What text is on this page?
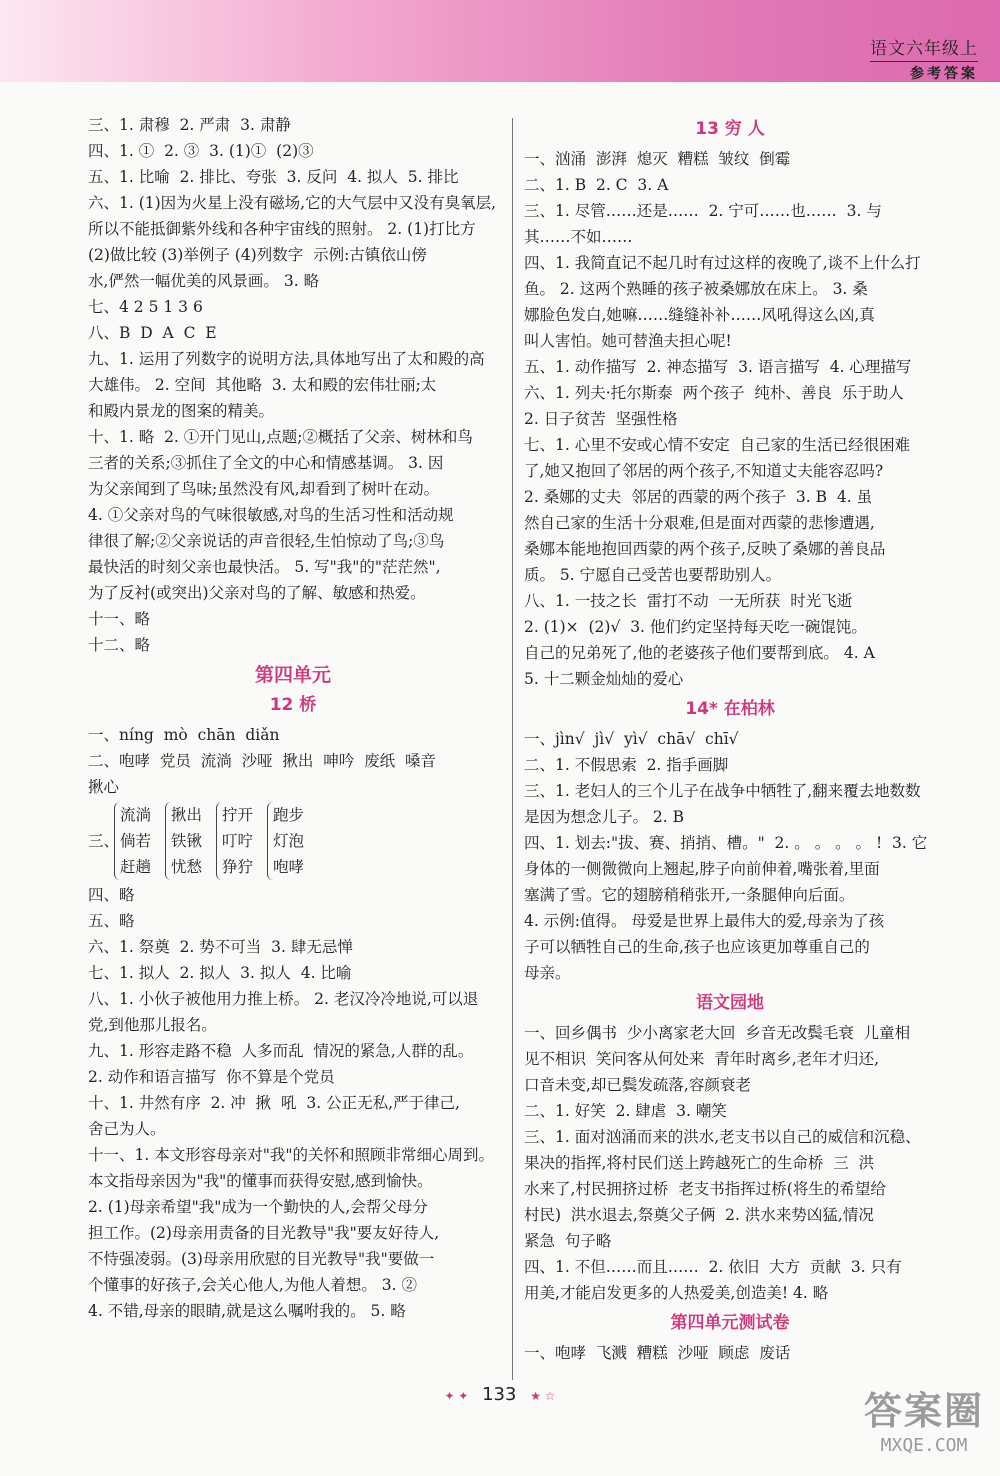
语文六年级上
参考答案

三、1. 肃穆  2. 严肃  3. 肃静

四、1. ①  2. ③  3. (1)①  (2)③

五、1. 比喻  2. 排比、夸张  3. 反问  4. 拟人  5. 排比

六、1. (1)因为火星上没有磁场,它的大气层中又没有臭氧层,
所以不能抵御紫外线和各种宇宙线的照射。 2. (1)打比方
(2)做比较 (3)举例子 (4)列数字  示例:古镇依山傍
水,俨然一幅优美的风景画。 3. 略

七、4 2 5 1 3 6

八、B  D  A  C  E

九、1. 运用了列数字的说明方法,具体地写出了太和殿的高
大雄伟。 2. 空间  其他略  3. 太和殿的宏伟壮丽;太
和殿内景龙的图案的精美。

十、1. 略  2. ①开门见山,点题;②概括了父亲、树林和鸟
三者的关系;③抓住了全文的中心和情感基调。 3. 因
为父亲闻到了鸟味;虽然没有风,却看到了树叶在动。
4. ①父亲对鸟的气味很敏感,对鸟的生活习性和活动规
律很了解;②父亲说话的声音很轻,生怕惊动了鸟;③鸟
最快活的时刻父亲也最快活。 5. 写"我"的"茫茫然",
为了反衬(或突出)父亲对鸟的了解、敏感和热爱。

十一、略

十二、略

第四单元
12 桥

一、níng  mò  chān  diǎn

二、咆哮  党员  流淌  沙哑  揪出  呻吟  废纸  嗓音
揪心

三、
流淌
倘若
赶趟
揪出
铁锹
忧愁
拧开
叮咛
狰狞
跑步
灯泡
咆哮

四、略

五、略

六、1. 祭奠  2. 势不可当  3. 肆无忌惮

七、1. 拟人  2. 拟人  3. 拟人  4. 比喻

八、1. 小伙子被他用力推上桥。 2. 老汉冷冷地说,可以退
党,到他那儿报名。

九、1. 形容走路不稳  人多而乱  情况的紧急,人群的乱。
2. 动作和语言描写  你不算是个党员

十、1. 井然有序  2. 冲  揪  吼  3. 公正无私,严于律己,
舍己为人。

十一、1. 本文形容母亲对"我"的关怀和照顾非常细心周到。
本文指母亲因为"我"的懂事而获得安慰,感到愉快。
2. (1)母亲希望"我"成为一个勤快的人,会帮父母分
担工作。(2)母亲用责备的目光教导"我"要友好待人,
不恃强凌弱。(3)母亲用欣慰的目光教导"我"要做一
个懂事的好孩子,会关心他人,为他人着想。 3. ②
4. 不错,母亲的眼睛,就是这么嘱咐我的。 5. 略

13 穷 人

一、汹涌  澎湃  熄灭  糟糕  皱纹  倒霉

二、1. B  2. C  3. A

三、1. 尽管……还是……  2. 宁可……也……  3. 与
其……不如……

四、1. 我简直记不起几时有过这样的夜晚了,谈不上什么打
鱼。 2. 这两个熟睡的孩子被桑娜放在床上。 3. 桑
娜脸色发白,她嘛……缝缝补补……风吼得这么凶,真
叫人害怕。她可替渔夫担心呢!

五、1. 动作描写  2. 神态描写  3. 语言描写  4. 心理描写

六、1. 列夫·托尔斯泰  两个孩子  纯朴、善良  乐于助人
2. 日子贫苦  坚强性格

七、1. 心里不安或心情不安定  自己家的生活已经很困难
了,她又抱回了邻居的两个孩子,不知道丈夫能容忍吗?
2. 桑娜的丈夫  邻居的西蒙的两个孩子  3. B  4. 虽
然自己家的生活十分艰难,但是面对西蒙的悲惨遭遇,
桑娜本能地抱回西蒙的两个孩子,反映了桑娜的善良品
质。 5. 宁愿自己受苦也要帮助别人。

八、1. 一技之长  雷打不动  一无所获  时光飞逝
2. (1)×  (2)√  3. 他们约定坚持每天吃一碗馄饨。
自己的兄弟死了,他的老婆孩子他们要帮到底。 4. A
5. 十二颗金灿灿的爱心

14* 在柏林

一、jìn√  jì√  yì√  chā√  chī√

二、1. 不假思索  2. 指手画脚

三、1. 老妇人的三个儿子在战争中牺牲了,翻来覆去地数数
是因为想念儿子。 2. B

四、1. 划去:"拔、赛、捎捎、槽。"  2. 。 。 。 。 !  3. 它
身体的一侧微微向上翘起,脖子向前伸着,嘴张着,里面
塞满了雪。它的翅膀稍稍张开,一条腿伸向后面。
4. 示例:值得。 母爱是世界上最伟大的爱,母亲为了孩
子可以牺牲自己的生命,孩子也应该更加尊重自己的
母亲。

语文园地

一、回乡偶书  少小离家老大回  乡音无改鬓毛衰  儿童相
见不相识  笑问客从何处来  青年时离乡,老年才归还,
口音未变,却已鬓发疏落,容颜衰老

二、1. 好笑  2. 肆虐  3. 嘲笑

三、1. 面对汹涌而来的洪水,老支书以自己的威信和沉稳、
果决的指挥,将村民们送上跨越死亡的生命桥  三  洪
水来了,村民拥挤过桥  老支书指挥过桥(将生的希望给
村民)  洪水退去,祭奠父子俩  2. 洪水来势凶猛,情况
紧急  句子略

四、1. 不但……而且……  2. 依旧  大方  贡献  3. 只有
用美,才能启发更多的人热爱美,创造美! 4. 略

第四单元测试卷

一、咆哮  飞溅  糟糕  沙哑  顾虑  废话

✦ ✦ 133 ★ ☆	答案圈
MXQE.COM
